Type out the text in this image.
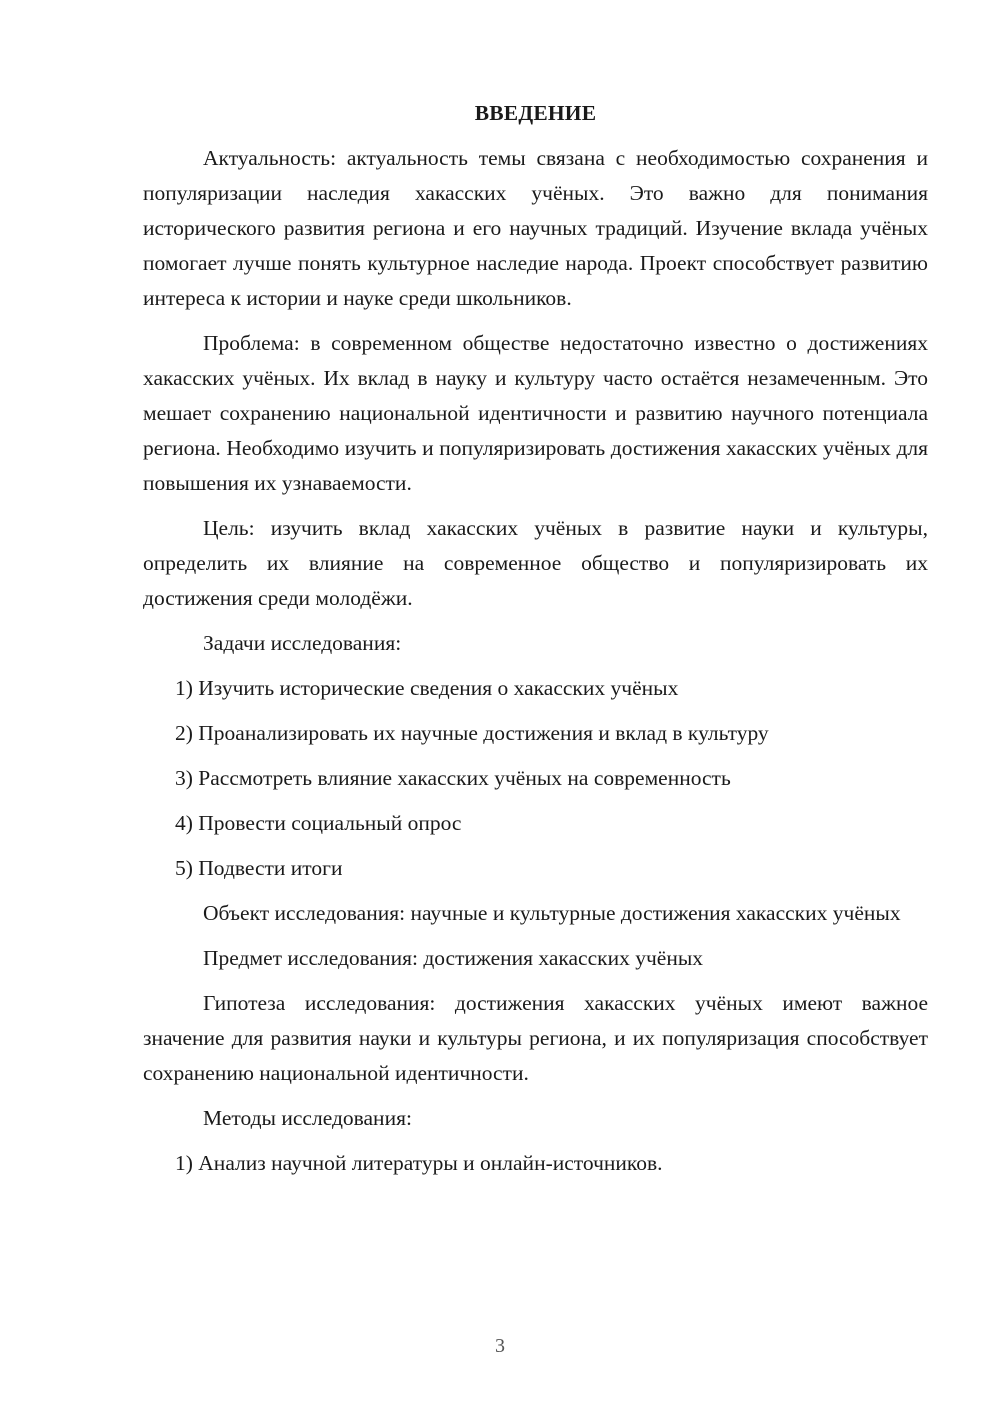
ВВЕДЕНИЕ

Актуальность: актуальность темы связана с необходимостью сохранения и популяризации наследия хакасских учёных. Это важно для понимания исторического развития региона и его научных традиций. Изучение вклада учёных помогает лучше понять культурное наследие народа. Проект способствует развитию интереса к истории и науке среди школьников.

Проблема: в современном обществе недостаточно известно о достижениях хакасских учёных. Их вклад в науку и культуру часто остаётся незамеченным. Это мешает сохранению национальной идентичности и развитию научного потенциала региона. Необходимо изучить и популяризировать достижения хакасских учёных для повышения их узнаваемости.

Цель: изучить вклад хакасских учёных в развитие науки и культуры, определить их влияние на современное общество и популяризировать их достижения среди молодёжи.

Задачи исследования:

1) Изучить исторические сведения о хакасских учёных
2) Проанализировать их научные достижения и вклад в культуру
3) Рассмотреть влияние хакасских учёных на современность
4) Провести социальный опрос
5) Подвести итоги

Объект исследования: научные и культурные достижения хакасских учёных

Предмет исследования: достижения хакасских учёных

Гипотеза исследования: достижения хакасских учёных имеют важное значение для развития науки и культуры региона, и их популяризация способствует сохранению национальной идентичности.

Методы исследования:

1) Анализ научной литературы и онлайн-источников.
3
